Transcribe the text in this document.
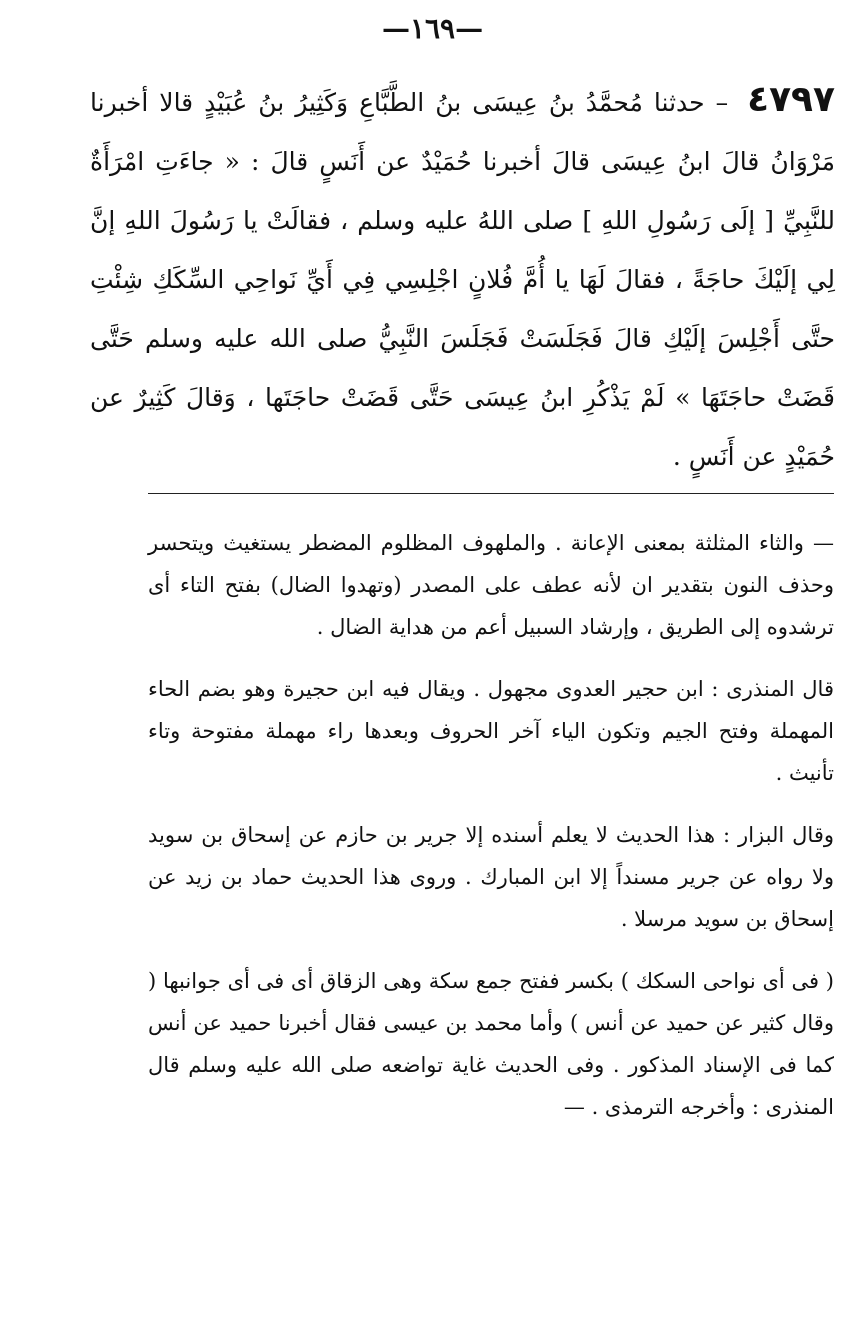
—١٦٩—
٤٧٩٧ – حدثنا مُحمَّدُ بنُ عِيسَى بنُ الطَّبَّاعِ وَكَثِيرُ بنُ عُبَيْدٍ قالا أخبرنا مَرْوَانُ قالَ ابنُ عِيسَى قالَ أخبرنا حُمَيْدٌ عن أَنَسٍ قالَ : « جاءَتِ امْرَأَةٌ للنَّبِيِّ [ إلَى رَسُولِ اللهِ ] صلى اللهُ عليه وسلم ، فقالَتْ يا رَسُولَ اللهِ إنَّ لِي إلَيْكَ حاجَةً ، فقالَ لَهَا يا أُمَّ فُلانٍ اجْلِسِي فِي أَيِّ نَواحِي السِّكَكِ شِئْتِ حتَّى أَجْلِسَ إلَيْكِ قالَ فَجَلَسَتْ فَجَلَسَ النَّبِيُّ صلى الله عليه وسلم حَتَّى قَضَتْ حاجَتَهَا » لَمْ يَذْكُرِ ابنُ عِيسَى حَتَّى قَضَتْ حاجَتَها ، وَقالَ كَثِيرٌ عن حُمَيْدٍ عن أَنَسٍ .

— والثاء المثلثة بمعنى الإعانة . والملهوف المظلوم المضطر يستغيث ويتحسر وحذف النون بتقدير ان لأنه عطف على المصدر (وتهدوا الضال) بفتح التاء أى ترشدوه إلى الطريق ، وإرشاد السبيل أعم من هداية الضال .

قال المنذرى : ابن حجير العدوى مجهول . ويقال فيه ابن حجيرة وهو بضم الحاء المهملة وفتح الجيم وتكون الياء آخر الحروف وبعدها راء مهملة مفتوحة وتاء تأنيث .

وقال البزار : هذا الحديث لا يعلم أسنده إلا جرير بن حازم عن إسحاق بن سويد ولا رواه عن جرير مسنداً إلا ابن المبارك . وروى هذا الحديث حماد بن زيد عن إسحاق بن سويد مرسلا .

( فى أى نواحى السكك ) بكسر ففتح جمع سكة وهى الزقاق أى فى أى جوانبها ( وقال كثير عن حميد عن أنس ) وأما محمد بن عيسى فقال أخبرنا حميد عن أنس كما فى الإسناد المذكور . وفى الحديث غاية تواضعه صلى الله عليه وسلم قال المنذرى : وأخرجه الترمذى . —
